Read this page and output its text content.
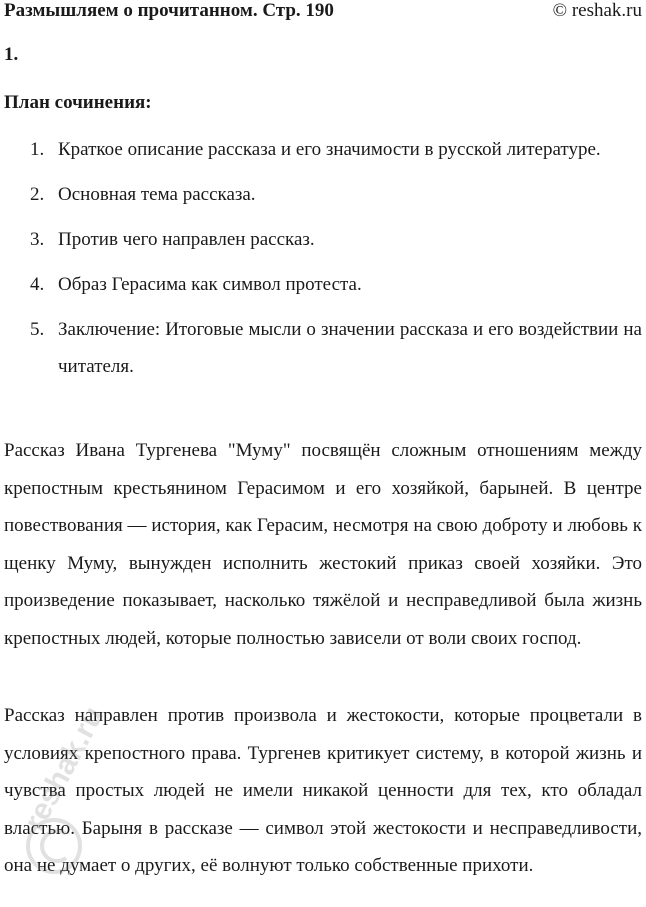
Размышляем о прочитанном. Стр. 190	© reshak.ru
1.
План сочинения:
1. Краткое описание рассказа и его значимости в русской литературе.
2. Основная тема рассказа.
3. Против чего направлен рассказ.
4. Образ Герасима как символ протеста.
5. Заключение: Итоговые мысли о значении рассказа и его воздействии на читателя.

Рассказ Ивана Тургенева "Муму" посвящён сложным отношениям между крепостным крестьянином Герасимом и его хозяйкой, барыней. В центре повествования — история, как Герасим, несмотря на свою доброту и любовь к щенку Муму, вынужден исполнить жестокий приказ своей хозяйки. Это произведение показывает, насколько тяжёлой и несправедливой была жизнь крепостных людей, которые полностью зависели от воли своих господ.

Рассказ направлен против произвола и жестокости, которые процветали в условиях крепостного права. Тургенев критикует систему, в которой жизнь и чувства простых людей не имели никакой ценности для тех, кто обладал властью. Барыня в рассказе — символ этой жестокости и несправедливости, она не думает о других, её волнуют только собственные прихоти.

reshak.ru
